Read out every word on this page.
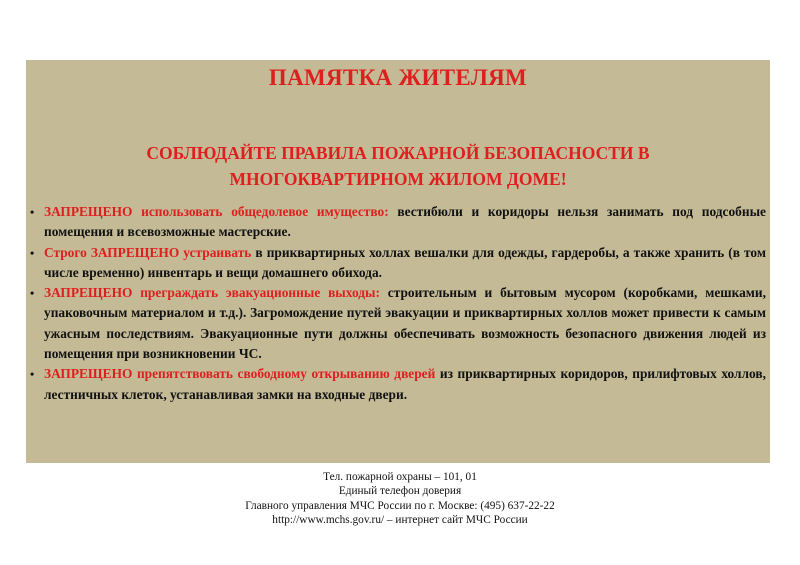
ПАМЯТКА ЖИТЕЛЯМ
СОБЛЮДАЙТЕ ПРАВИЛА ПОЖАРНОЙ БЕЗОПАСНОСТИ В
МНОГОКВАРТИРНОМ ЖИЛОМ ДОМЕ!
• ЗАПРЕЩЕНО использовать общедолевое имущество: вестибюли и коридоры нельзя занимать под подсобные помещения и всевозможные мастерские.
• Строго ЗАПРЕЩЕНО устраивать в приквартирных холлах вешалки для одежды, гардеробы, а также хранить (в том числе временно) инвентарь и вещи домашнего обихода.
• ЗАПРЕЩЕНО преграждать эвакуационные выходы: строительным и бытовым мусором (коробками, мешками, упаковочным материалом и т.д.). Загромождение путей эвакуации и приквартирных холлов может привести к самым ужасным последствиям. Эвакуационные пути должны обеспечивать возможность безопасного движения людей из помещения при возникновении ЧС.
• ЗАПРЕЩЕНО препятствовать свободному открыванию дверей из приквартирных коридоров, прилифтовых холлов, лестничных клеток, устанавливая замки на входные двери.
Тел. пожарной охраны – 101, 01
Единый телефон доверия
Главного управления МЧС России по г. Москве: (495) 637-22-22
http://www.mchs.gov.ru/ – интернет сайт МЧС России
